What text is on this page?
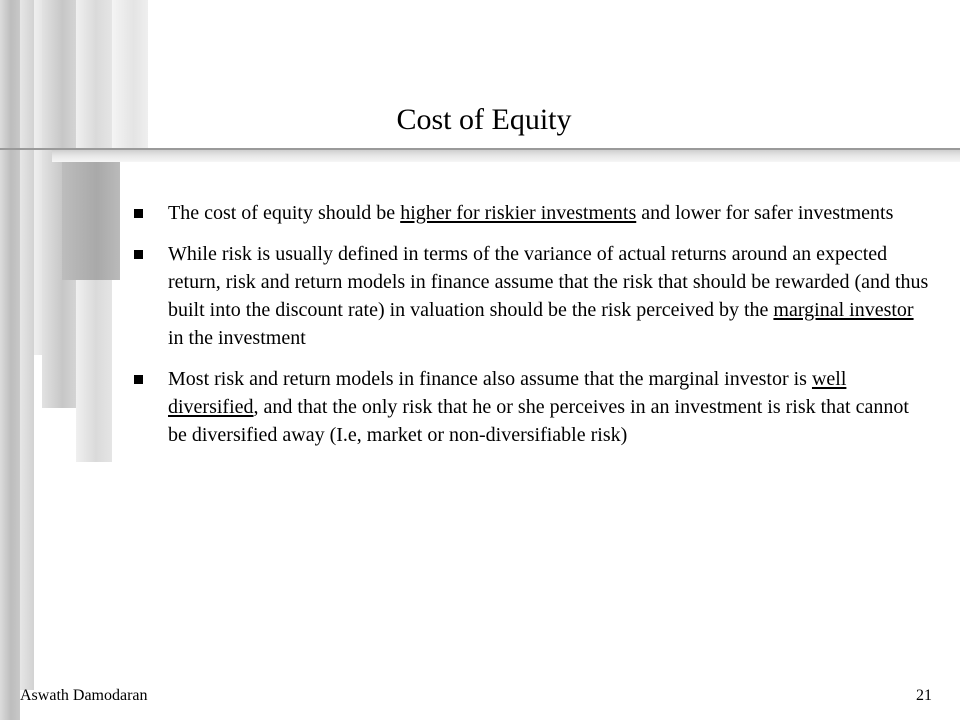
Cost of Equity
The cost of equity should be higher for riskier investments and lower for safer investments
While risk is usually defined in terms of the variance of actual returns around an expected return, risk and return models in finance assume that the risk that should be rewarded (and thus built into the discount rate) in valuation should be the risk perceived by the marginal investor in the investment
Most risk and return models in finance also assume that the marginal investor is well diversified, and that the only risk that he or she perceives in an investment is risk that cannot be diversified away (I.e, market or non-diversifiable risk)
Aswath Damodaran	21
